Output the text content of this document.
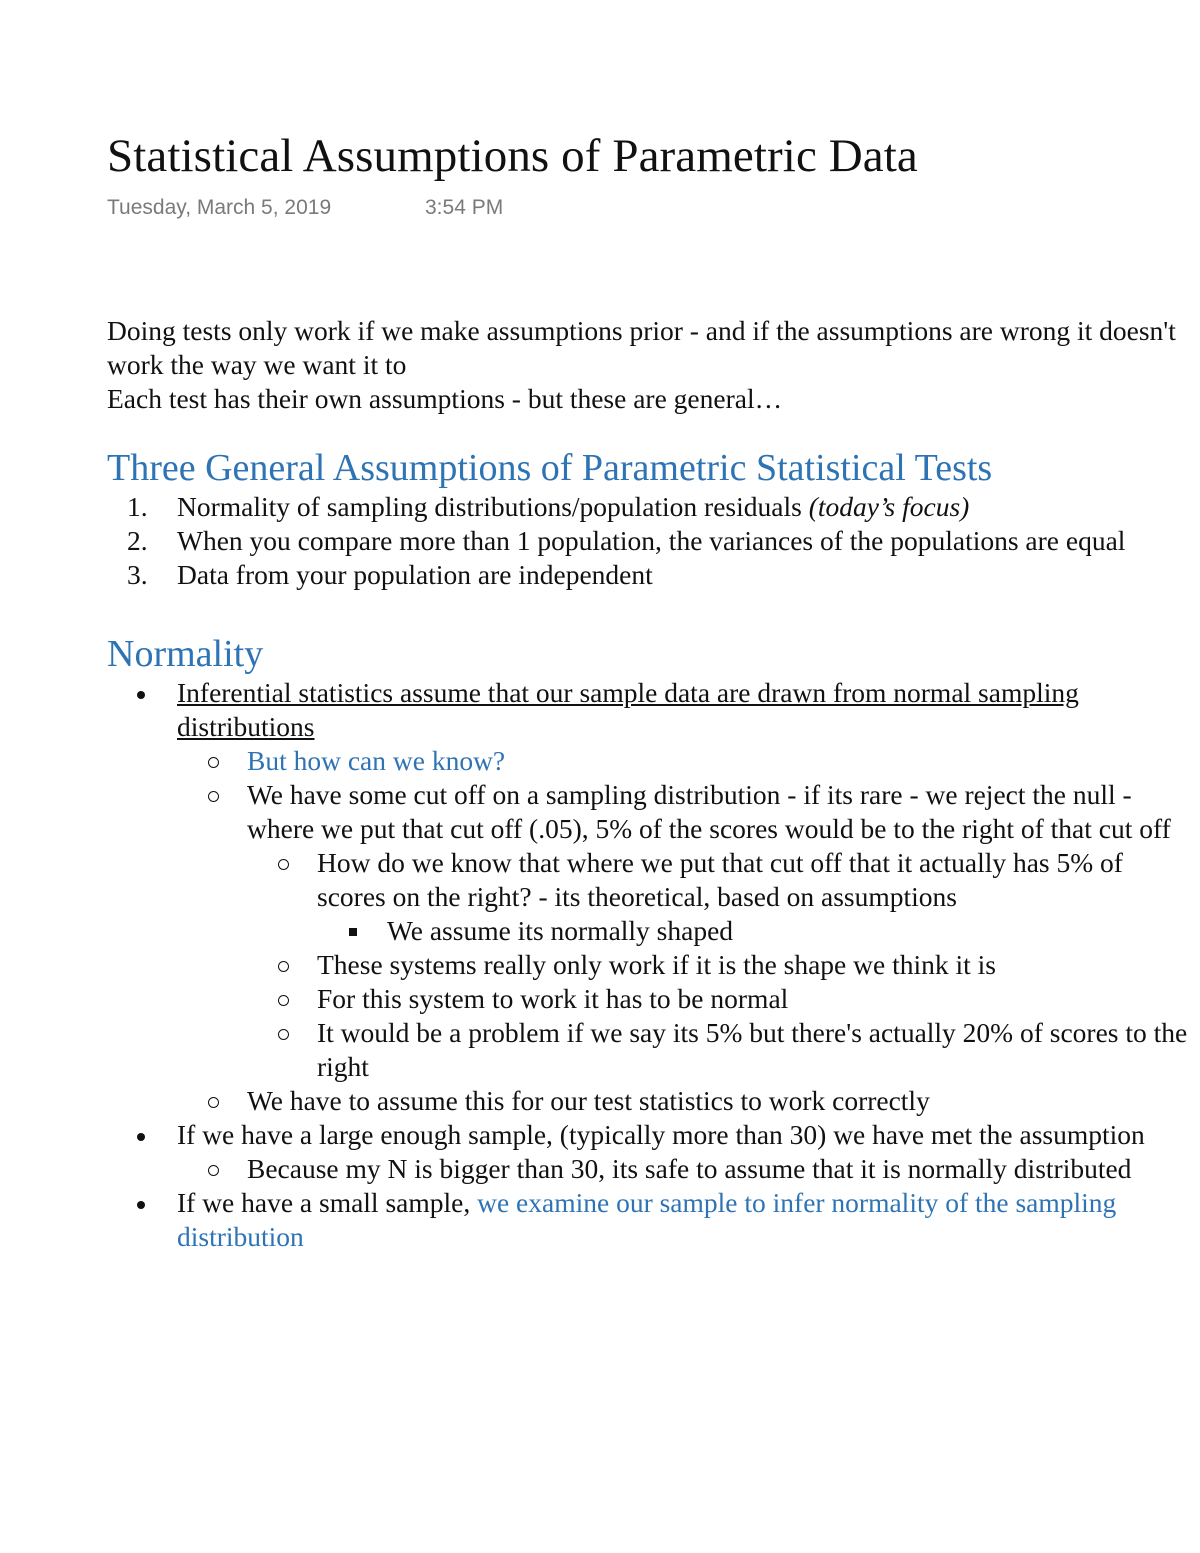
Statistical Assumptions of Parametric Data
Tuesday, March 5, 2019	3:54 PM

Doing tests only work if we make assumptions prior - and if the assumptions are wrong it doesn't work the way we want it to

Each test has their own assumptions - but these are general…

Three General Assumptions of Parametric Statistical Tests
1. Normality of sampling distributions/population residuals (today’s focus)
2. When you compare more than 1 population, the variances of the populations are equal
3. Data from your population are independent
Normality
Inferential statistics assume that our sample data are drawn from normal sampling distributions
But how can we know?
We have some cut off on a sampling distribution - if its rare - we reject the null - where we put that cut off (.05), 5% of the scores would be to the right of that cut off
How do we know that where we put that cut off that it actually has 5% of scores on the right? - its theoretical, based on assumptions
We assume its normally shaped
These systems really only work if it is the shape we think it is
For this system to work it has to be normal
It would be a problem if we say its 5% but there's actually 20% of scores to the right
We have to assume this for our test statistics to work correctly
If we have a large enough sample, (typically more than 30) we have met the assumption
Because my N is bigger than 30, its safe to assume that it is normally distributed
If we have a small sample, we examine our sample to infer normality of the sampling distribution
